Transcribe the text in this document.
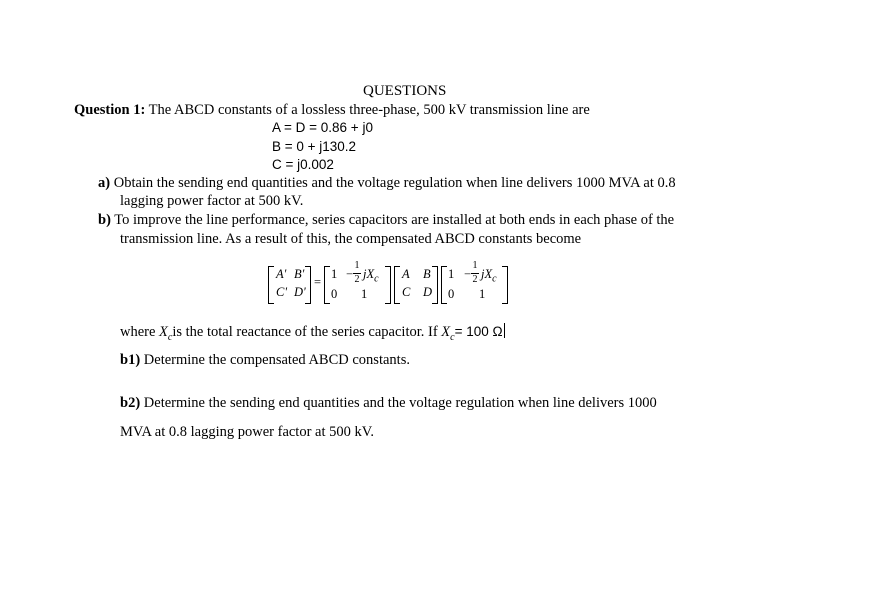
QUESTIONS
Question 1: The ABCD constants of a lossless three-phase, 500 kV transmission line are
A = D = 0.86 + j0
B = 0 + j130.2
C = j0.002
a) Obtain the sending end quantities and the voltage regulation when line delivers 1000 MVA at 0.8
lagging power factor at 500 kV.
b) To improve the line performance, series capacitors are installed at both ends in each phase of the
transmission line. As a result of this, the compensated ABCD constants become
A' B'
C' D'
=
1 −
1
2 $jX_c$
0 1
A B
C D
1 −
1
2 $jX_c$
0 1
where $X_cis$ the total reactance of the series capacitor. If $X_c= 100$ Ω
b1) Determine the compensated ABCD constants.
b2) Determine the sending end quantities and the voltage regulation when line delivers 1000
MVA at 0.8 lagging power factor at 500 kV.
